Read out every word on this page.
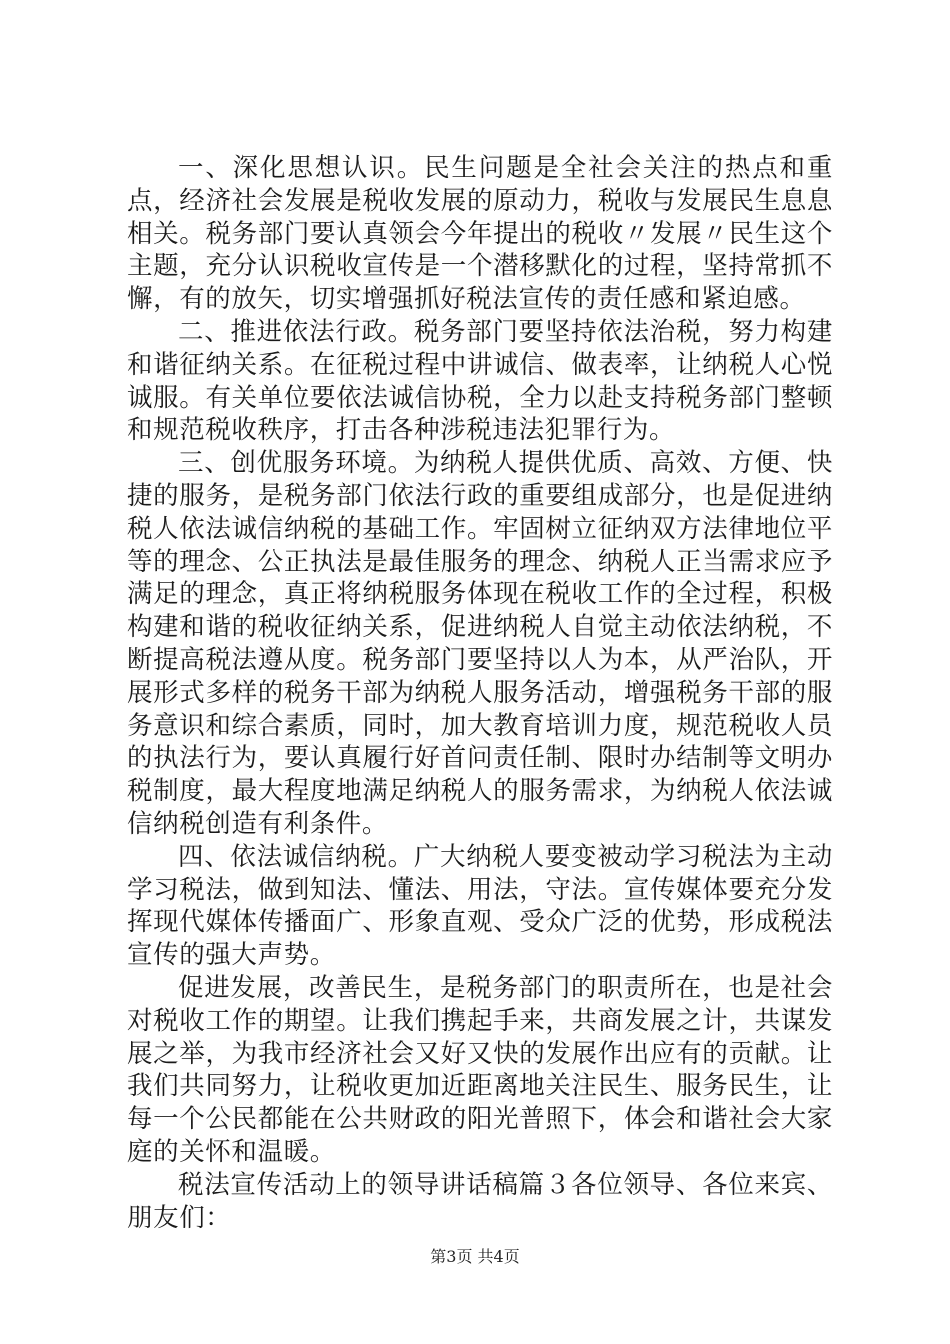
一、深化思想认识。民生问题是全社会关注的热点和重点，经济社会发展是税收发展的原动力，税收与发展民生息息相关。税务部门要认真领会今年提出的税收〃发展〃民生这个主题，充分认识税收宣传是一个潜移默化的过程，坚持常抓不懈，有的放矢，切实增强抓好税法宣传的责任感和紧迫感。

二、推进依法行政。税务部门要坚持依法治税，努力构建和谐征纳关系。在征税过程中讲诚信、做表率，让纳税人心悦诚服。有关单位要依法诚信协税，全力以赴支持税务部门整顿和规范税收秩序，打击各种涉税违法犯罪行为。

三、创优服务环境。为纳税人提供优质、高效、方便、快捷的服务，是税务部门依法行政的重要组成部分，也是促进纳税人依法诚信纳税的基础工作。牢固树立征纳双方法律地位平等的理念、公正执法是最佳服务的理念、纳税人正当需求应予满足的理念，真正将纳税服务体现在税收工作的全过程，积极构建和谐的税收征纳关系，促进纳税人自觉主动依法纳税，不断提高税法遵从度。税务部门要坚持以人为本，从严治队，开展形式多样的税务干部为纳税人服务活动，增强税务干部的服务意识和综合素质，同时，加大教育培训力度，规范税收人员的执法行为，要认真履行好首问责任制、限时办结制等文明办税制度，最大程度地满足纳税人的服务需求，为纳税人依法诚信纳税创造有利条件。

四、依法诚信纳税。广大纳税人要变被动学习税法为主动学习税法，做到知法、懂法、用法，守法。宣传媒体要充分发挥现代媒体传播面广、形象直观、受众广泛的优势，形成税法宣传的强大声势。

促进发展，改善民生，是税务部门的职责所在，也是社会对税收工作的期望。让我们携起手来，共商发展之计，共谋发展之举，为我市经济社会又好又快的发展作出应有的贡献。让我们共同努力，让税收更加近距离地关注民生、服务民生，让每一个公民都能在公共财政的阳光普照下，体会和谐社会大家庭的关怀和温暖。

税法宣传活动上的领导讲话稿篇３各位领导、各位来宾、朋友们：

第3页 共4页
